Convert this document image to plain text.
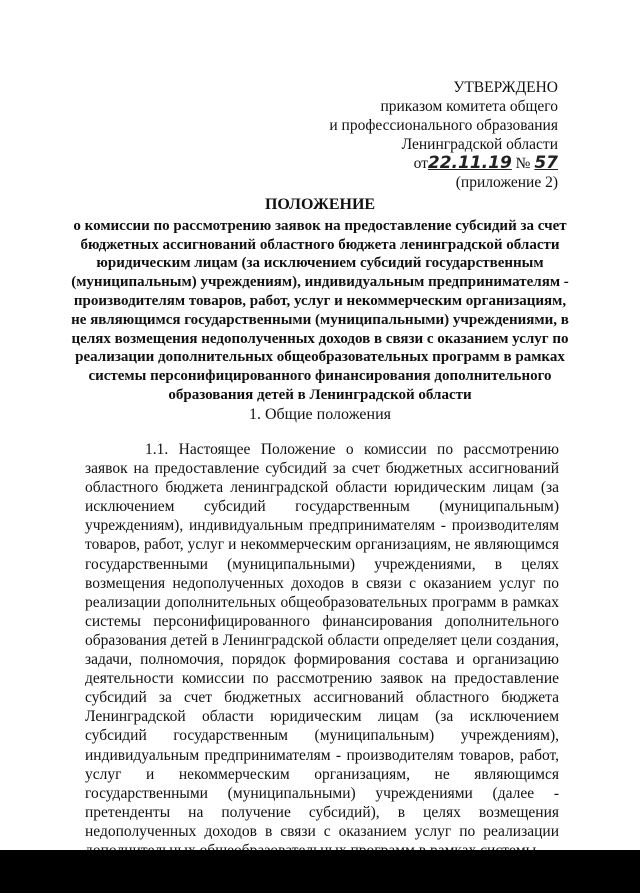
УТВЕРЖДЕНО
приказом комитета общего
и профессионального образования
Ленинградской области
от22.11.19 № 57
(приложение 2)
ПОЛОЖЕНИЕ
о комиссии по рассмотрению заявок на предоставление субсидий за счет бюджетных ассигнований областного бюджета ленинградской области юридическим лицам (за исключением субсидий государственным (муниципальным) учреждениям), индивидуальным предпринимателям - производителям товаров, работ, услуг и некоммерческим организациям, не являющимся государственными (муниципальными) учреждениями, в целях возмещения недополученных доходов в связи с оказанием услуг по реализации дополнительных общеобразовательных программ в рамках системы персонифицированного финансирования дополнительного образования детей в Ленинградской области
1. Общие положения
1.1. Настоящее Положение о комиссии по рассмотрению заявок на предоставление субсидий за счет бюджетных ассигнований областного бюджета ленинградской области юридическим лицам (за исключением субсидий государственным (муниципальным) учреждениям), индивидуальным предпринимателям - производителям товаров, работ, услуг и некоммерческим организациям, не являющимся государственными (муниципальными) учреждениями, в целях возмещения недополученных доходов в связи с оказанием услуг по реализации дополнительных общеобразовательных программ в рамках системы персонифицированного финансирования дополнительного образования детей в Ленинградской области определяет цели создания, задачи, полномочия, порядок формирования состава и организацию деятельности комиссии по рассмотрению заявок на предоставление субсидий за счет бюджетных ассигнований областного бюджета Ленинградской области юридическим лицам (за исключением субсидий государственным (муниципальным) учреждениям), индивидуальным предпринимателям - производителям товаров, работ, услуг и некоммерческим организациям, не являющимся государственными (муниципальными) учреждениями (далее - претенденты на получение субсидий), в целях возмещения недополученных доходов в связи с оказанием услуг по реализации
